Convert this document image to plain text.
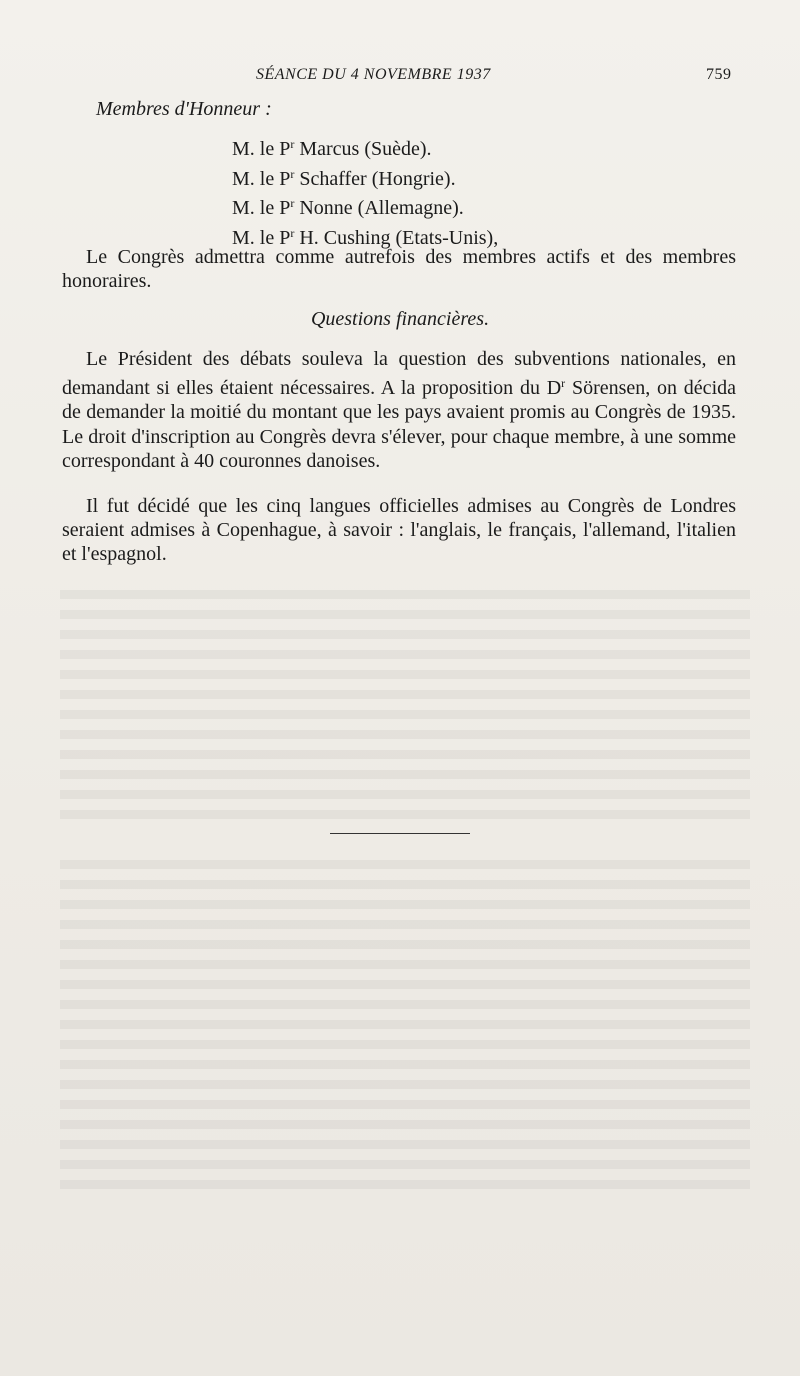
SÉANCE DU 4 NOVEMBRE 1937	759
Membres d'Honneur :
M. le $P^r$ Marcus (Suède).
M. le $P^r$ Schaffer (Hongrie).
M. le $P^r$ Nonne (Allemagne).
M. le $P^r$ H. Cushing (Etats-Unis),

Le Congrès admettra comme autrefois des membres actifs et des membres honoraires.

Questions financières.

Le Président des débats souleva la question des subventions nationales, en demandant si elles étaient nécessaires. A la proposition du $D^r$ Sörensen, on décida de demander la moitié du montant que les pays avaient promis au Congrès de 1935. Le droit d'inscription au Congrès devra s'élever, pour chaque membre, à une somme correspondant à 40 couronnes danoises.

Il fut décidé que les cinq langues officielles admises au Congrès de Londres seraient admises à Copenhague, à savoir : l'anglais, le français, l'allemand, l'italien et l'espagnol.
